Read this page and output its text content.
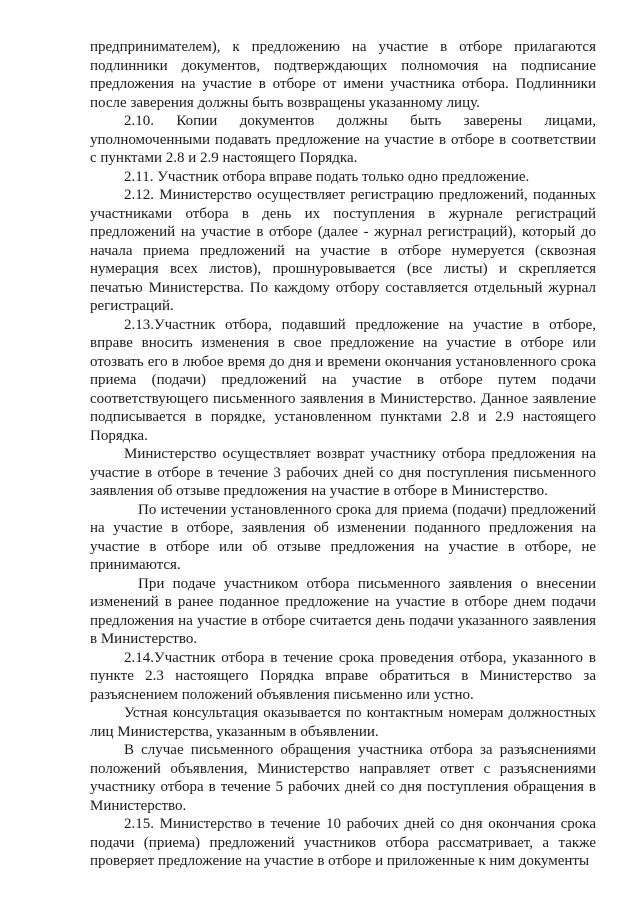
предпринимателем), к предложению на участие в отборе прилагаются подлинники документов, подтверждающих полномочия на подписание предложения на участие в отборе от имени участника отбора. Подлинники после заверения должны быть возвращены указанному лицу.

2.10. Копии документов должны быть заверены лицами, уполномоченными подавать предложение на участие в отборе в соответствии с пунктами 2.8 и 2.9 настоящего Порядка.

2.11. Участник отбора вправе подать только одно предложение.

2.12. Министерство осуществляет регистрацию предложений, поданных участниками отбора в день их поступления в журнале регистраций предложений на участие в отборе (далее - журнал регистраций), который до начала приема предложений на участие в отборе нумеруется (сквозная нумерация всех листов), прошнуровывается (все листы) и скрепляется печатью Министерства. По каждому отбору составляется отдельный журнал регистраций.

2.13.Участник отбора, подавший предложение на участие в отборе, вправе вносить изменения в свое предложение на участие в отборе или отозвать его в любое время до дня и времени окончания установленного срока приема (подачи) предложений на участие в отборе путем подачи соответствующего письменного заявления в Министерство. Данное заявление подписывается в порядке, установленном пунктами 2.8 и 2.9 настоящего Порядка.

Министерство осуществляет возврат участнику отбора предложения на участие в отборе в течение 3 рабочих дней со дня поступления письменного заявления об отзыве предложения на участие в отборе в Министерство.

По истечении установленного срока для приема (подачи) предложений на участие в отборе, заявления об изменении поданного предложения на участие в отборе или об отзыве предложения на участие в отборе, не принимаются.

При подаче участником отбора письменного заявления о внесении изменений в ранее поданное предложение на участие в отборе днем подачи предложения на участие в отборе считается день подачи указанного заявления в Министерство.

2.14.Участник отбора в течение срока проведения отбора, указанного в пункте 2.3 настоящего Порядка вправе обратиться в Министерство за разъяснением положений объявления письменно или устно.

Устная консультация оказывается по контактным номерам должностных лиц Министерства, указанным в объявлении.

В случае письменного обращения участника отбора за разъяснениями положений объявления, Министерство направляет ответ с разъяснениями участнику отбора в течение 5 рабочих дней со дня поступления обращения в Министерство.

2.15. Министерство в течение 10 рабочих дней со дня окончания срока подачи (приема) предложений участников отбора рассматривает, а также проверяет предложение на участие в отборе и приложенные к ним документы
